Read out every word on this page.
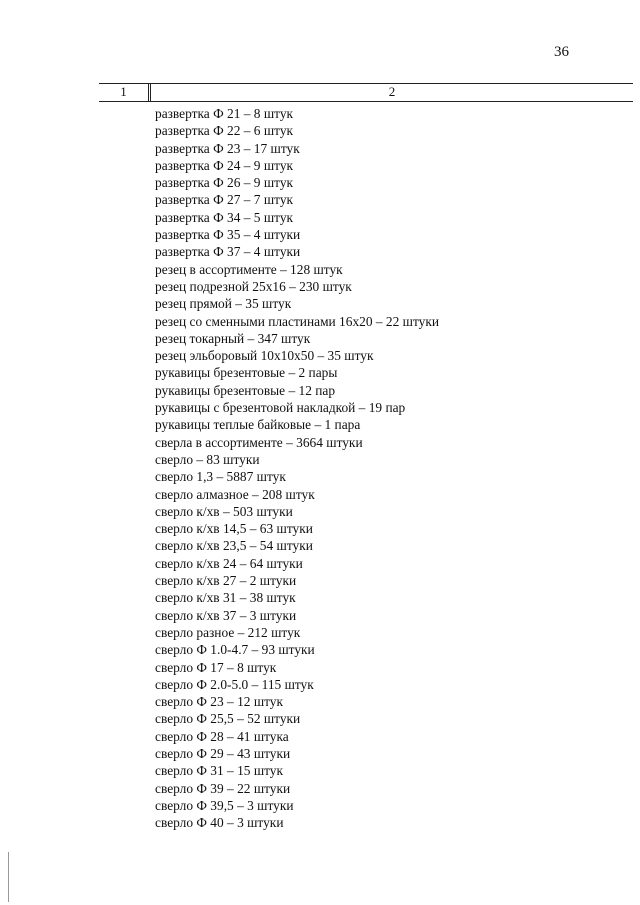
36
1	2
развертка Ф 21 – 8 штук
развертка Ф 22 – 6 штук
развертка Ф 23 – 17 штук
развертка Ф 24 – 9 штук
развертка Ф 26 – 9 штук
развертка Ф 27 – 7 штук
развертка Ф 34 – 5 штук
развертка Ф 35 – 4 штуки
развертка Ф 37 – 4 штуки
резец в ассортименте – 128 штук
резец подрезной 25х16 – 230 штук
резец прямой – 35 штук
резец со сменными пластинами 16х20 – 22 штуки
резец токарный – 347 штук
резец эльборовый 10х10х50 – 35 штук
рукавицы брезентовые – 2 пары
рукавицы брезентовые – 12 пар
рукавицы с брезентовой накладкой – 19 пар
рукавицы теплые байковые – 1 пара
сверла в ассортименте – 3664 штуки
сверло – 83 штуки
сверло 1,3 – 5887 штук
сверло алмазное – 208 штук
сверло к/хв – 503 штуки
сверло к/хв 14,5 – 63 штуки
сверло к/хв 23,5 – 54 штуки
сверло к/хв 24 – 64 штуки
сверло к/хв 27 – 2 штуки
сверло к/хв 31 – 38 штук
сверло к/хв 37 – 3 штуки
сверло разное – 212 штук
сверло Ф 1.0-4.7 – 93 штуки
сверло Ф 17 – 8 штук
сверло Ф 2.0-5.0 – 115 штук
сверло Ф 23 – 12 штук
сверло Ф 25,5 – 52 штуки
сверло Ф 28 – 41 штука
сверло Ф 29 – 43 штуки
сверло Ф 31 – 15 штук
сверло Ф 39 – 22 штуки
сверло Ф 39,5 – 3 штуки
сверло Ф 40 – 3 штуки
